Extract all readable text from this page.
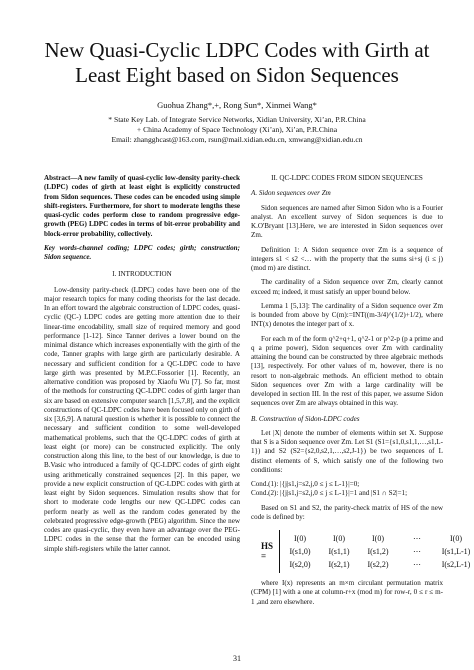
New Quasi-Cyclic LDPC Codes with Girth at Least Eight based on Sidon Sequences
Guohua Zhang*,+, Rong Sun*, Xinmei Wang*
* State Key Lab. of Integrate Service Networks, Xidian University, Xi’an, P.R.China
+ China Academy of Space Technology (Xi’an), Xi’an, P.R.China
Email: zhangghcast@163.com, rsun@mail.xidian.edu.cn, xmwang@xidian.edu.cn

Abstract—A new family of quasi-cyclic low-density parity-check (LDPC) codes of girth at least eight is explicitly constructed from Sidon sequences. These codes can be encoded using simple shift-registers. Furthermore, for short to moderate lengths these quasi-cyclic codes perform close to random progressive edge-growth (PEG) LDPC codes in terms of bit-error probability and block-error probability, collectively.

Key words-channel coding; LDPC codes; girth; construction; Sidon sequence.

I. INTRODUCTION

Low-density parity-check (LDPC) codes have been one of the major research topics for many coding theorists for the last decade. In an effort toward the algebraic construction of LDPC codes, quasi-cyclic (QC-) LDPC codes are getting more attention due to their linear-time encodability, small size of required memory and good performance [1-12]. Since Tanner derives a lower bound on the minimal distance which increases exponentially with the girth of the code, Tanner graphs with large girth are particularly desirable. A necessary and sufficient condition for a QC-LDPC code to have large girth was presented by M.P.C.Fossorier [1]. Recently, an alternative condition was proposed by Xiaofu Wu [7]. So far, most of the methods for constructing QC-LDPC codes of girth larger than six are based on extensive computer search [1,5,7,8], and the explicit constructions of QC-LDPC codes have been focused only on girth of six [3,6,9]. A natural question is whether it is possible to connect the necessary and sufficient condition to some well-developed mathematical problems, such that the QC-LDPC codes of girth at least eight (or more) can be constructed explicitly. The only construction along this line, to the best of our knowledge, is due to B.Vasic who introduced a family of QC-LDPC codes of girth eight using arithmetically constrained sequences [2]. In this paper, we provide a new explicit construction of QC-LDPC codes with girth at least eight by Sidon sequences. Simulation results show that for short to moderate code lengths our new QC-LDPC codes can perform nearly as well as the random codes generated by the celebrated progressive edge-growth (PEG) algorithm. Since the new codes are quasi-cyclic, they even have an advantage over the PEG-LDPC codes in the sense that the former can be encoded using simple shift-registers while the latter cannot.

II. QC-LDPC CODES FROM SIDON SEQUENCES

A. Sidon sequences over Zm

Sidon sequences are named after Simon Sidon who is a Fourier analyst. An excellent survey of Sidon sequences is due to K.O'Bryant [13].Here, we are interested in Sidon sequences over Zm.

Definition 1: A Sidon sequence over Zm is a sequence of integers s1 < s2 <… with the property that the sums si+sj (i ≤ j) (mod m) are distinct.

The cardinality of a Sidon sequence over Zm, clearly cannot exceed m; indeed, it must satisfy an upper bound below.

Lemma 1 [5,13]: The cardinality of a Sidon sequence over Zm is bounded from above by C(m):=INT((m-3/4)^(1/2)+1/2), where INT(x) denotes the integer part of x.

For each m of the form q^2+q+1, q^2-1 or p^2-p (p a prime and q a prime power), Sidon sequences over Zm with cardinality attaining the bound can be constructed by three algebraic methods [13], respectively. For other values of m, however, there is no resort to non-algebraic methods. An efficient method to obtain Sidon sequences over Zm with a large cardinality will be developed in section III. In the rest of this paper, we assume Sidon sequences over Zm are always obtained in this way.

B. Construction of Sidon-LDPC codes

Let |X| denote the number of elements within set X. Suppose that S is a Sidon sequence over Zm. Let S1 (S1={s1,0,s1,1,…,s1,L-1}) and S2 (S2={s2,0,s2,1,…,s2,J-1}) be two sequences of L distinct elements of S, which satisfy one of the following two conditions:

Cond.(1): |{j|s1,j=s2,j,0 ≤ j ≤ L-1}|=0;

Cond.(2): |{j|s1,j=s2,j,0 ≤ j ≤ L-1}|=1 and |S1 ∩ S2|=1;

Based on S1 and S2, the parity-check matrix of HS of the new code is defined by:

HS =
I(0)	I(0)	I(0)	⋯	I(0)
I(s1,0)	I(s1,1)	I(s1,2)	⋯	I(s1,L-1)
I(s2,0)	I(s2,1)	I(s2,2)	⋯	I(s2,L-1)

where I(x) represents an m×m circulant permutation matrix (CPM) [1] with a one at column-r+x (mod m) for row-r, 0 ≤ r ≤ m-1 ,and zero elsewhere.

31
